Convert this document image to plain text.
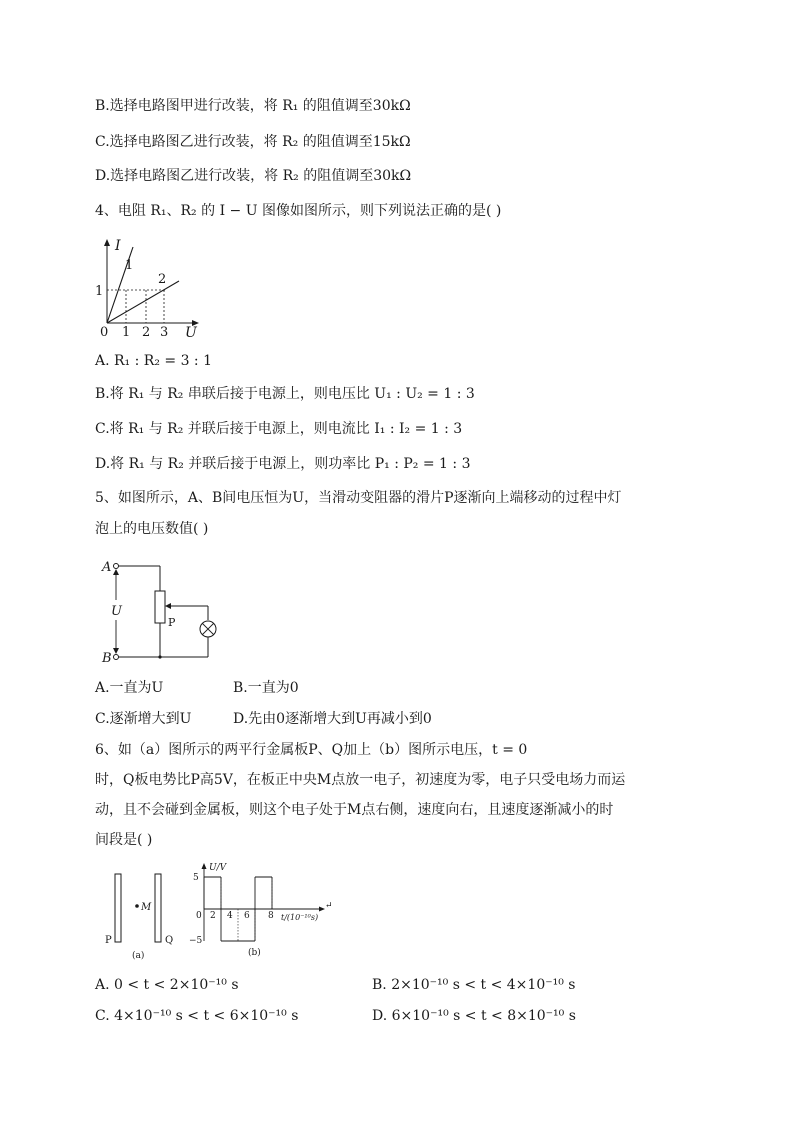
B.选择电路图甲进行改装，将 R₁ 的阻值调至30kΩ
C.选择电路图乙进行改装，将 R₂ 的阻值调至15kΩ
D.选择电路图乙进行改装，将 R₂ 的阻值调至30kΩ
4、电阻 R₁、R₂ 的 I − U 图像如图所示，则下列说法正确的是( )
I
U
0 1 2 3
1
1
2
A. R₁ : R₂ = 3 : 1
B.将 R₁ 与 R₂ 串联后接于电源上，则电压比 U₁ : U₂ = 1 : 3
C.将 R₁ 与 R₂ 并联后接于电源上，则电流比 I₁ : I₂ = 1 : 3
D.将 R₁ 与 R₂ 并联后接于电源上，则功率比 P₁ : P₂ = 1 : 3
5、如图所示，A、B间电压恒为U，当滑动变阻器的滑片P逐渐向上端移动的过程中灯
泡上的电压数值( )
A
B
U
P
A.一直为U	B.一直为0
C.逐渐增大到U	D.先由0逐渐增大到U再减小到0
6、如（a）图所示的两平行金属板P、Q加上（b）图所示电压，t = 0
时，Q板电势比P高5V，在板正中央M点放一电子，初速度为零，电子只受电场力而运
动，且不会碰到金属板，则这个电子处于M点右侧，速度向右，且速度逐渐减小的时
间段是( )
M
P	Q
(a)
U/V
t/(10⁻¹⁰s)
5
−5
0 2 4 6 8
↵
(b)
A. 0 < t < 2×10⁻¹⁰ s	B. 2×10⁻¹⁰ s < t < 4×10⁻¹⁰ s
C. 4×10⁻¹⁰ s < t < 6×10⁻¹⁰ s	D. 6×10⁻¹⁰ s < t < 8×10⁻¹⁰ s
